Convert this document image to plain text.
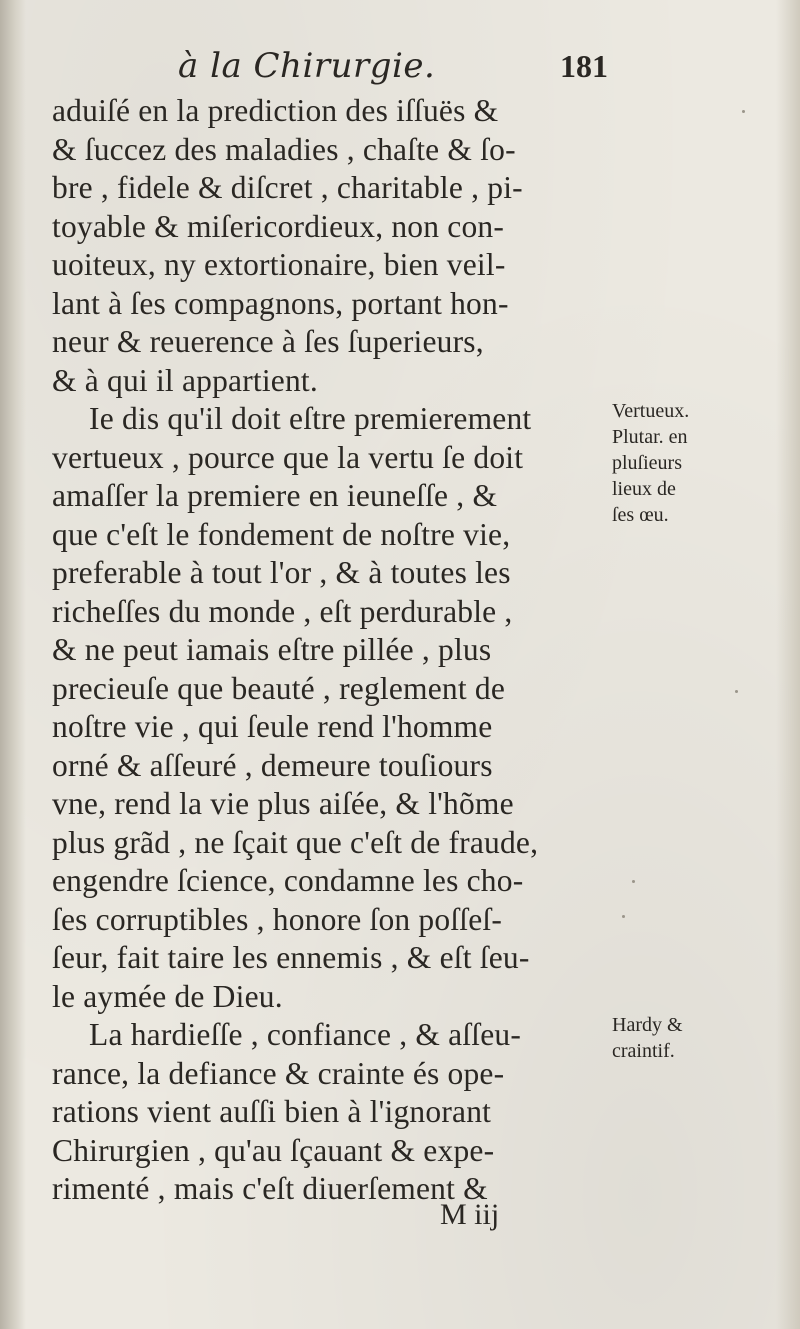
à la Chirurgie.	181
aduiſé en la prediction des iſſuës &
& ſuccez des maladies , chaſte & ſo-
bre , fidele & diſcret , charitable , pi-
toyable & miſericordieux, non con-
uoiteux, ny extortionaire, bien veil-
lant à ſes compagnons, portant hon-
neur & reuerence à ſes ſuperieurs,
& à qui il appartient.
Ie dis qu'il doit eſtre premierement
vertueux , pource que la vertu ſe doit
amaſſer la premiere en ieuneſſe , &
que c'eſt le fondement de noſtre vie,
preferable à tout l'or , & à toutes les
richeſſes du monde , eſt perdurable ,
& ne peut iamais eſtre pillée , plus
precieuſe que beauté , reglement de
noſtre vie , qui ſeule rend l'homme
orné & aſſeuré , demeure touſiours
vne, rend la vie plus aiſée, & l'hõme
plus grãd , ne ſçait que c'eſt de fraude,
engendre ſcience, condamne les cho-
ſes corruptibles , honore ſon poſſeſ-
ſeur, fait taire les ennemis , & eſt ſeu-
le aymée de Dieu.
La hardieſſe , confiance , & aſſeu-
rance, la defiance & crainte és ope-
rations vient auſſi bien à l'ignorant
Chirurgien , qu'au ſçauant & expe-
rimenté , mais c'eſt diuerſement &
Vertueux.
Plutar. en
pluſieurs
lieux de
ſes œu.
Hardy &
craintif.
M iij
